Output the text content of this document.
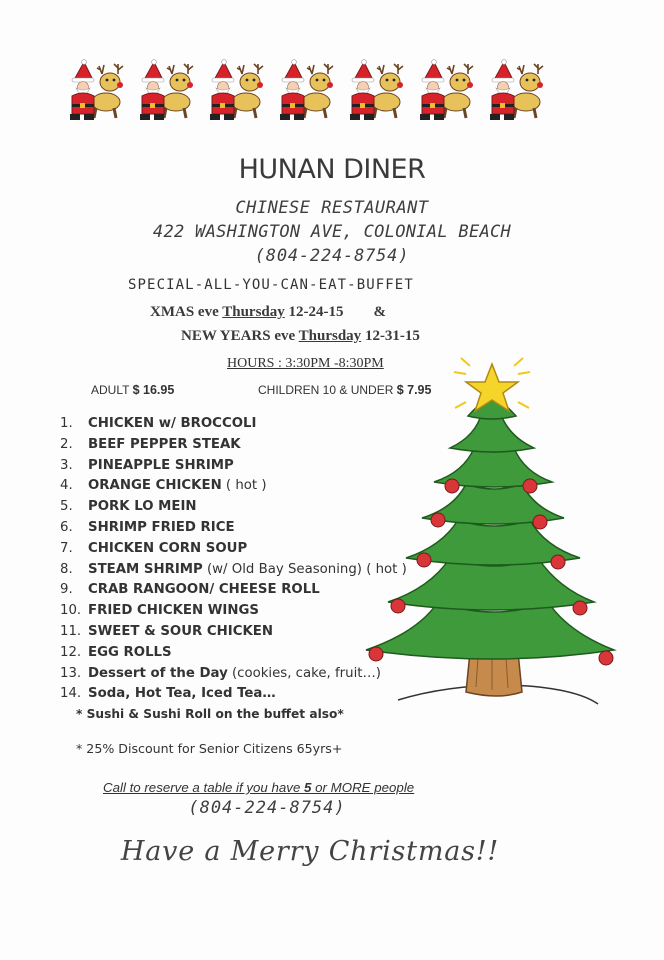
HUNAN DINER
CHINESE RESTAURANT
422 WASHINGTON AVE, COLONIAL BEACH
(804-224-8754)
SPECIAL-ALL-YOU-CAN-EAT-BUFFET
XMAS eve Thursday 12-24-15 &
NEW YEARS eve Thursday 12-31-15
HOURS : 3:30PM -8:30PM
ADULT $ 16.95	CHILDREN 10 & UNDER $ 7.95
1. CHICKEN w/ BROCCOLI
2. BEEF PEPPER STEAK
3. PINEAPPLE SHRIMP
4. ORANGE CHICKEN ( hot )
5. PORK LO MEIN
6. SHRIMP FRIED RICE
7. CHICKEN CORN SOUP
8. STEAM SHRIMP (w/ Old Bay Seasoning) ( hot )
9. CRAB RANGOON/ CHEESE ROLL
10. FRIED CHICKEN WINGS
11. SWEET & SOUR CHICKEN
12. EGG ROLLS
13. Dessert of the Day (cookies, cake, fruit…)
14. Soda, Hot Tea, Iced Tea…
* Sushi & Sushi Roll on the buffet also*
* 25% Discount for Senior Citizens 65yrs+
Call to reserve a table if you have 5 or MORE people
(804-224-8754)
Have a Merry Christmas!!
